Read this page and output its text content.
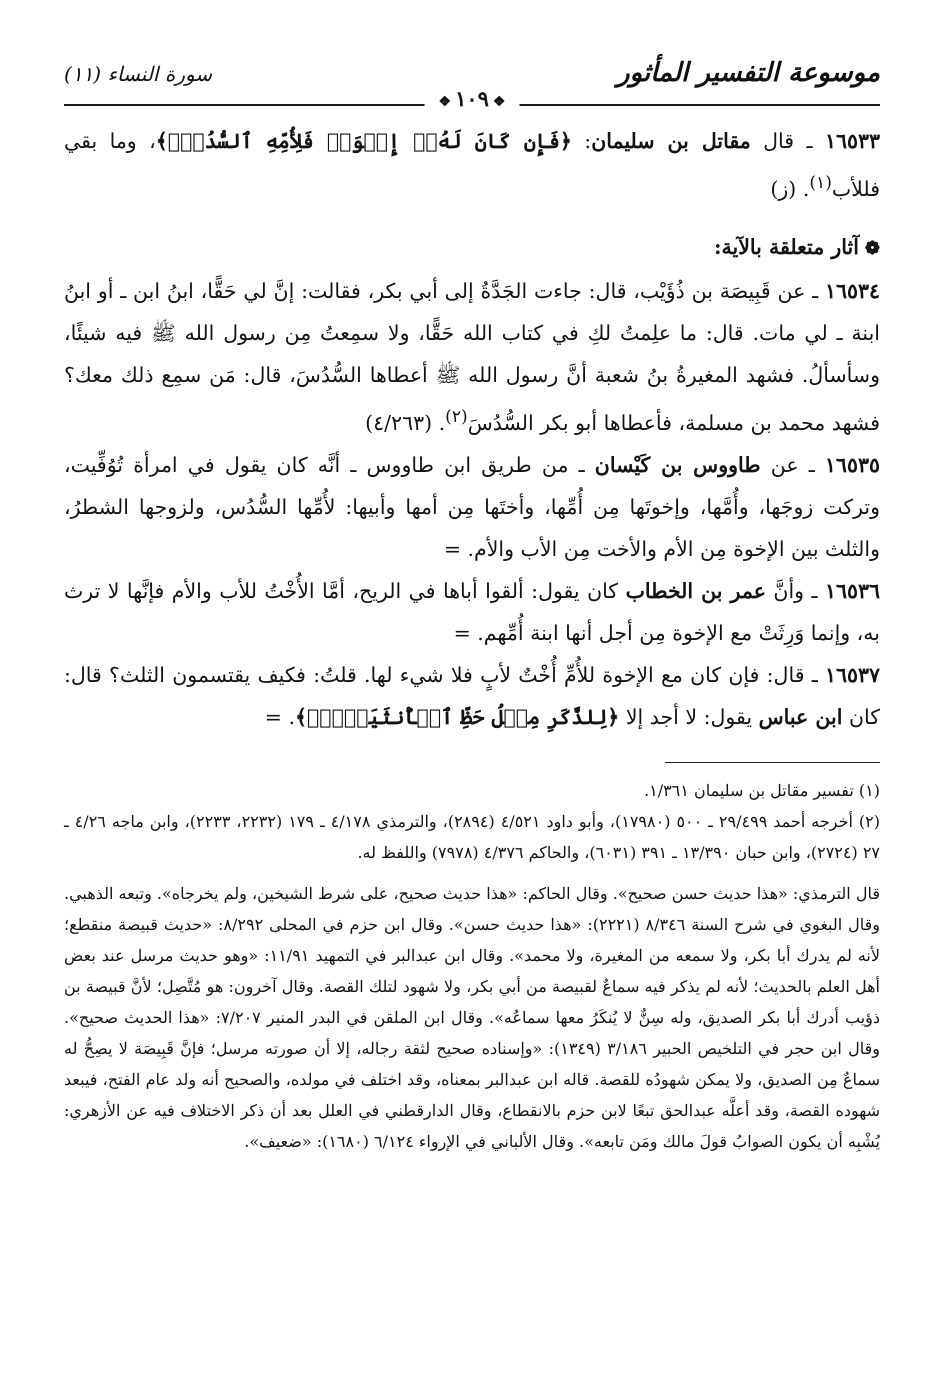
موسوعة التفسير المأثور
❖١٠٩❖
سورة النساء (١١)

١٦٥٣٣ ـ قال مقاتل بن سليمان: ﴿فَإِن كَانَ لَهُۥٓ إِخۡوَةٞ فَلِأُمِّهِ ٱلسُّدُسُۚ﴾، وما بقي فللأب$^{(١)}$. (ز)

❁آثار متعلقة بالآية:

١٦٥٣٤ ـ عن قَبِيصَة بن ذُؤَيْب، قال: جاءت الجَدَّةُ إلى أبي بكر، فقالت: إنَّ لي حَقًّا، ابنُ ابن ـ أو ابنُ ابنة ـ لي مات. قال: ما علِمتُ لكِ في كتاب الله حَقًّا، ولا سمِعتُ مِن رسول الله ﷺ فيه شيئًا، وسأسألُ. فشهد المغيرةُ بنُ شعبة أنَّ رسول الله ﷺ أعطاها السُّدُسَ، قال: مَن سمِع ذلك معك؟ فشهد محمد بن مسلمة، فأعطاها أبو بكر السُّدُسَ$^{(٢)}$. (٤/٢٦٣)

١٦٥٣٥ ـ عن طاووس بن كَيْسان ـ من طريق ابن طاووس ـ أنَّه كان يقول في امرأة تُوُفِّيت، وتركت زوجَها، وأُمَّها، وإخوتَها مِن أُمِّها، وأختَها مِن أمها وأبيها: لأُمِّها السُّدُس، ولزوجها الشطرُ، والثلث بين الإخوة مِن الأم والأخت مِن الأب والأم. =

١٦٥٣٦ ـ وأنَّ عمر بن الخطاب كان يقول: ألقوا أباها في الريح، أمَّا الأُخْتُ للأب والأم فإنَّها لا ترث به، وإنما وَرِثَتْ مع الإخوة مِن أجل أنها ابنة أُمِّهم. =

١٦٥٣٧ ـ قال: فإن كان مع الإخوة للأُمِّ أُخْتٌ لأبٍ فلا شيء لها. قلتُ: فكيف يقتسمون الثلث؟ قال: كان ابن عباس يقول: لا أجد إلا ﴿لِلذَّكَرِ مِثۡلُ حَظِّ ٱلۡأُنثَيَيۡنِۚ﴾. =

(١) تفسير مقاتل بن سليمان ١/٣٦١.

(٢) أخرجه أحمد ٢٩/٤٩٩ ـ ٥٠٠ (١٧٩٨٠)، وأبو داود ٤/٥٢١ (٢٨٩٤)، والترمذي ٤/١٧٨ ـ ١٧٩ (٢٢٣٢، ٢٢٣٣)، وابن ماجه ٤/٢٦ ـ ٢٧ (٢٧٢٤)، وابن حبان ١٣/٣٩٠ ـ ٣٩١ (٦٠٣١)، والحاكم ٤/٣٧٦ (٧٩٧٨) واللفظ له.

قال الترمذي: «هذا حديث حسن صحيح». وقال الحاكم: «هذا حديث صحيح، على شرط الشيخين، ولم يخرجاه». وتبعه الذهبي. وقال البغوي في شرح السنة ٨/٣٤٦ (٢٢٢١): «هذا حديث حسن». وقال ابن حزم في المحلى ٨/٢٩٢: «حديث قبيصة منقطع؛ لأنه لم يدرك أبا بكر، ولا سمعه من المغيرة، ولا محمد». وقال ابن عبدالبر في التمهيد ١١/٩١: «وهو حديث مرسل عند بعض أهل العلم بالحديث؛ لأنه لم يذكر فيه سماعٌ لقبيصة من أبي بكر، ولا شهود لتلك القصة. وقال آخرون: هو مُتَّصِل؛ لأنَّ قبيصة بن ذؤيب أدرك أبا بكر الصديق، وله سِنٌّ لا يُنكَرُ معها سماعُه». وقال ابن الملقن في البدر المنير ٧/٢٠٧: «هذا الحديث صحيح». وقال ابن حجر في التلخيص الحبير ٣/١٨٦ (١٣٤٩): «وإسناده صحيح لثقة رجاله، إلا أن صورته مرسل؛ فإنَّ قَبِيصَة لا يصِحُّ له سماعٌ مِن الصديق، ولا يمكن شهودُه للقصة. قاله ابن عبدالبر بمعناه، وقد اختلف في مولده، والصحيح أنه ولد عام الفتح، فيبعد شهوده القصة، وقد أعلَّه عبدالحق تبعًا لابن حزم بالانقطاع، وقال الدارقطني في العلل بعد أن ذكر الاختلاف فيه عن الأزهري: يُشْبِه أن يكون الصوابُ قولَ مالك ومَن تابعه». وقال الألباني في الإرواء ٦/١٢٤ (١٦٨٠): «ضعيف».
